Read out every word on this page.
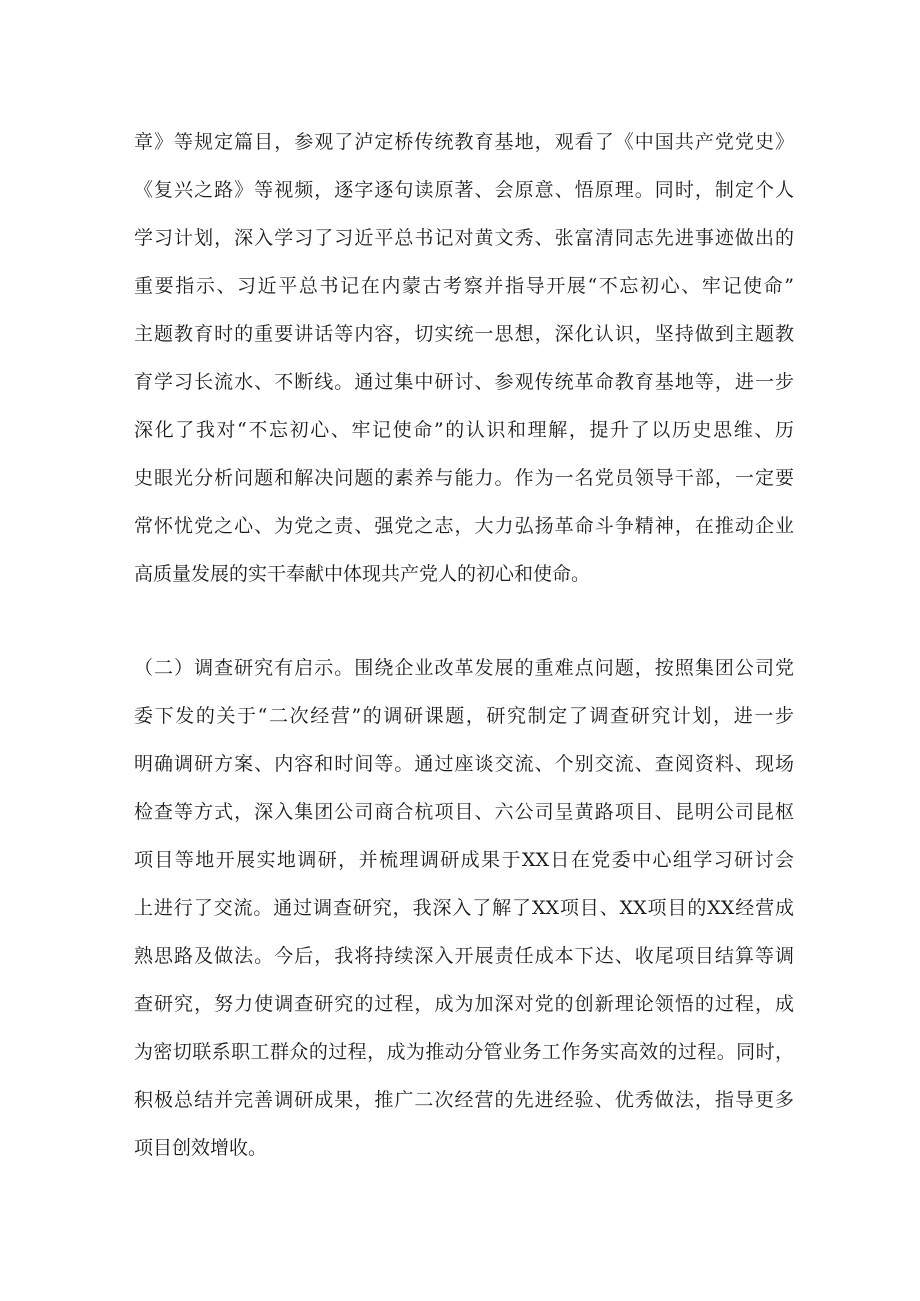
章》等规定篇目，参观了泸定桥传统教育基地，观看了《中国共产党党史》
《复兴之路》等视频，逐字逐句读原著、会原意、悟原理。同时，制定个人
学习计划，深入学习了习近平总书记对黄文秀、张富清同志先进事迹做出的
重要指示、习近平总书记在内蒙古考察并指导开展“不忘初心、牢记使命”
主题教育时的重要讲话等内容，切实统一思想，深化认识，坚持做到主题教
育学习长流水、不断线。通过集中研讨、参观传统革命教育基地等，进一步
深化了我对“不忘初心、牢记使命”的认识和理解，提升了以历史思维、历
史眼光分析问题和解决问题的素养与能力。作为一名党员领导干部，一定要
常怀忧党之心、为党之责、强党之志，大力弘扬革命斗争精神，在推动企业
高质量发展的实干奉献中体现共产党人的初心和使命。
（二）调查研究有启示。围绕企业改革发展的重难点问题，按照集团公司党
委下发的关于“二次经营”的调研课题，研究制定了调查研究计划，进一步
明确调研方案、内容和时间等。通过座谈交流、个别交流、查阅资料、现场
检查等方式，深入集团公司商合杭项目、六公司呈黄路项目、昆明公司昆枢
项目等地开展实地调研，并梳理调研成果于XX日在党委中心组学习研讨会
上进行了交流。通过调查研究，我深入了解了XX项目、XX项目的XX经营成
熟思路及做法。今后，我将持续深入开展责任成本下达、收尾项目结算等调
查研究，努力使调查研究的过程，成为加深对党的创新理论领悟的过程，成
为密切联系职工群众的过程，成为推动分管业务工作务实高效的过程。同时，
积极总结并完善调研成果，推广二次经营的先进经验、优秀做法，指导更多
项目创效增收。
